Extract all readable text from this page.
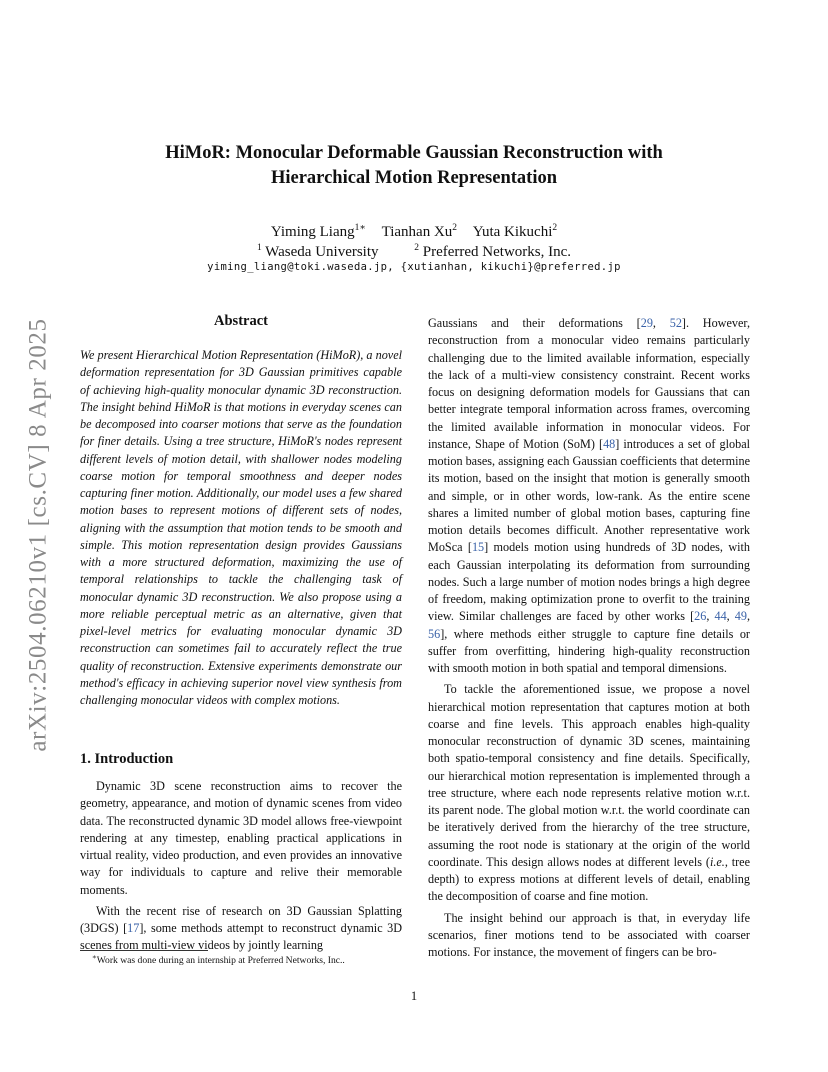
arXiv:2504.06210v1 [cs.CV] 8 Apr 2025
HiMoR: Monocular Deformable Gaussian Reconstruction with
Hierarchical Motion Representation
Yiming Liang$^{1∗}$ Tianhan Xu$^2$ Yuta Kikuchi$^2$
$^1$ Waseda University	$^2$ Preferred Networks, Inc.
yiming_liang@toki.waseda.jp, {xutianhan, kikuchi}@preferred.jp
Abstract
We present Hierarchical Motion Representation (HiMoR), a novel deformation representation for 3D Gaussian primitives capable of achieving high-quality monocular dynamic 3D reconstruction. The insight behind HiMoR is that motions in everyday scenes can be decomposed into coarser motions that serve as the foundation for finer details. Using a tree structure, HiMoR's nodes represent different levels of motion detail, with shallower nodes modeling coarse motion for temporal smoothness and deeper nodes capturing finer motion. Additionally, our model uses a few shared motion bases to represent motions of different sets of nodes, aligning with the assumption that motion tends to be smooth and simple. This motion representation design provides Gaussians with a more structured deformation, maximizing the use of temporal relationships to tackle the challenging task of monocular dynamic 3D reconstruction. We also propose using a more reliable perceptual metric as an alternative, given that pixel-level metrics for evaluating monocular dynamic 3D reconstruction can sometimes fail to accurately reflect the true quality of reconstruction. Extensive experiments demonstrate our method's efficacy in achieving superior novel view synthesis from challenging monocular videos with complex motions.
1. Introduction

Dynamic 3D scene reconstruction aims to recover the geometry, appearance, and motion of dynamic scenes from video data. The reconstructed dynamic 3D model allows free-viewpoint rendering at any timestep, enabling practical applications in virtual reality, video production, and even provides an innovative way for individuals to capture and relive their memorable moments.

With the recent rise of research on 3D Gaussian Splatting (3DGS) [17], some methods attempt to reconstruct dynamic 3D scenes from multi-view videos by jointly learning

Gaussians and their deformations [29, 52]. However, reconstruction from a monocular video remains particularly challenging due to the limited available information, especially the lack of a multi-view consistency constraint. Recent works focus on designing deformation models for Gaussians that can better integrate temporal information across frames, overcoming the limited available information in monocular videos. For instance, Shape of Motion (SoM) [48] introduces a set of global motion bases, assigning each Gaussian coefficients that determine its motion, based on the insight that motion is generally smooth and simple, or in other words, low-rank. As the entire scene shares a limited number of global motion bases, capturing fine motion details becomes difficult. Another representative work MoSca [15] models motion using hundreds of 3D nodes, with each Gaussian interpolating its deformation from surrounding nodes. Such a large number of motion nodes brings a high degree of freedom, making optimization prone to overfit to the training view. Similar challenges are faced by other works [26, 44, 49, 56], where methods either struggle to capture fine details or suffer from overfitting, hindering high-quality reconstruction with smooth motion in both spatial and temporal dimensions.

To tackle the aforementioned issue, we propose a novel hierarchical motion representation that captures motion at both coarse and fine levels. This approach enables high-quality monocular reconstruction of dynamic 3D scenes, maintaining both spatio-temporal consistency and fine details. Specifically, our hierarchical motion representation is implemented through a tree structure, where each node represents relative motion w.r.t. its parent node. The global motion w.r.t. the world coordinate can be iteratively derived from the hierarchy of the tree structure, assuming the root node is stationary at the origin of the world coordinate. This design allows nodes at different levels (i.e., tree depth) to express motions at different levels of detail, enabling the decomposition of coarse and fine motion.

The insight behind our approach is that, in everyday life scenarios, finer motions tend to be associated with coarser motions. For instance, the movement of fingers can be bro-

∗Work was done during an internship at Preferred Networks, Inc..
1
